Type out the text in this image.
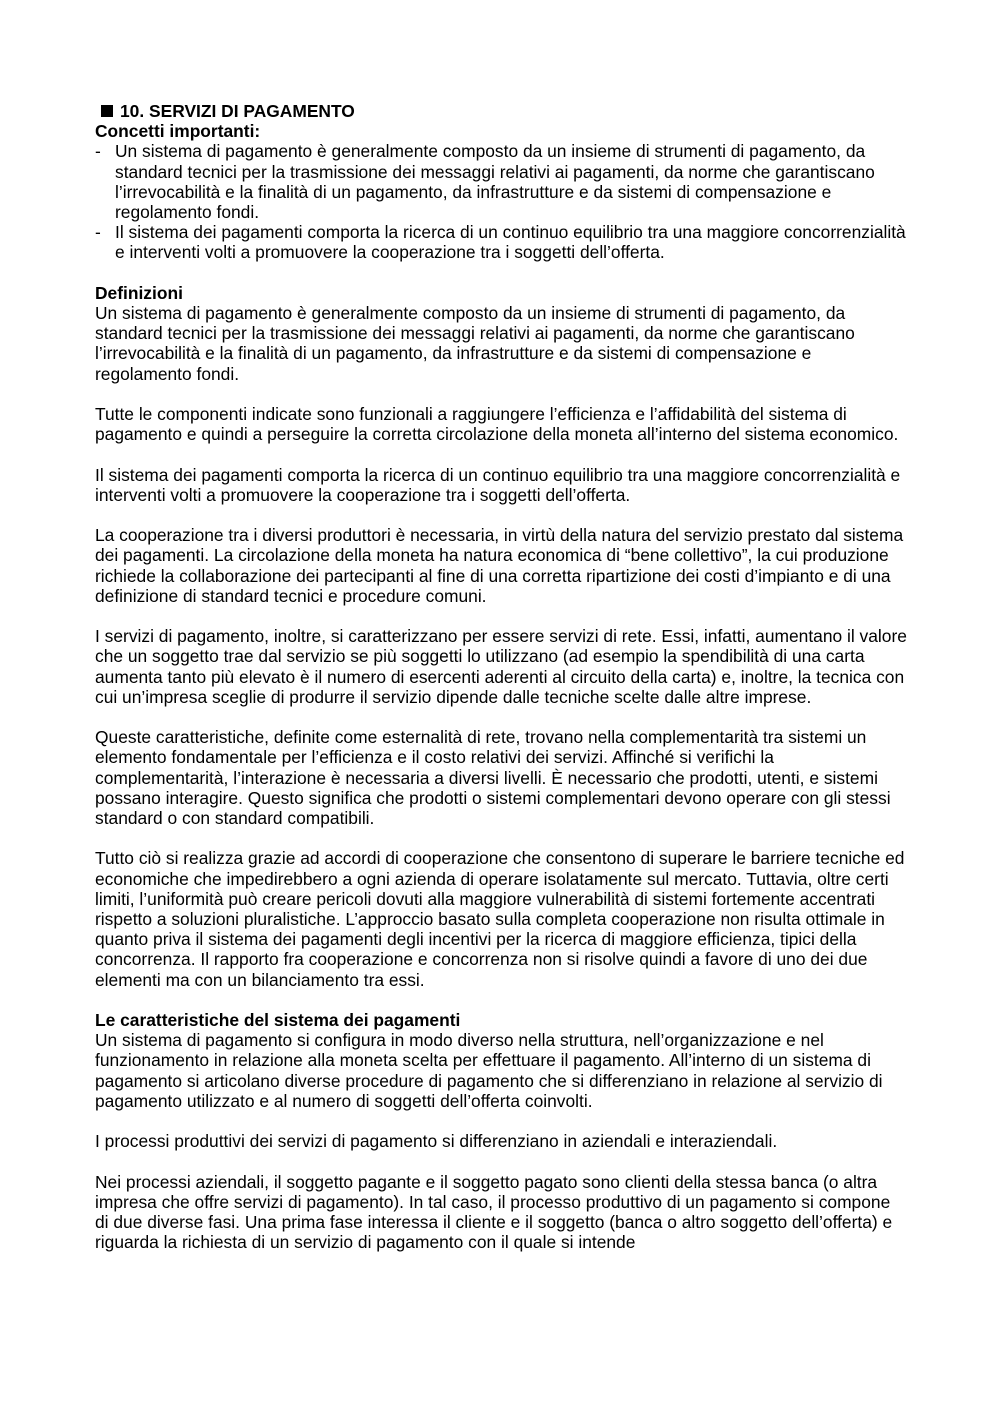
10. SERVIZI DI PAGAMENTO
Concetti importanti:
- Un sistema di pagamento è generalmente composto da un insieme di strumenti di pagamento, da standard tecnici per la trasmissione dei messaggi relativi ai pagamenti, da norme che garantiscano l’irrevocabilità e la finalità di un pagamento, da infrastrutture e da sistemi di compensazione e regolamento fondi.
- Il sistema dei pagamenti comporta la ricerca di un continuo equilibrio tra una maggiore concorrenzialità e interventi volti a promuovere la cooperazione tra i soggetti dell’offerta.
Definizioni

Un sistema di pagamento è generalmente composto da un insieme di strumenti di pagamento, da standard tecnici per la trasmissione dei messaggi relativi ai pagamenti, da norme che garantiscano l’irrevocabilità e la finalità di un pagamento, da infrastrutture e da sistemi di compensazione e regolamento fondi.

Tutte le componenti indicate sono funzionali a raggiungere l’efficienza e l’affidabilità del sistema di pagamento e quindi a perseguire la corretta circolazione della moneta all’interno del sistema economico.

Il sistema dei pagamenti comporta la ricerca di un continuo equilibrio tra una maggiore concorrenzialità e interventi volti a promuovere la cooperazione tra i soggetti dell’offerta.

La cooperazione tra i diversi produttori è necessaria, in virtù della natura del servizio prestato dal sistema dei pagamenti. La circolazione della moneta ha natura economica di “bene collettivo”, la cui produzione richiede la collaborazione dei partecipanti al fine di una corretta ripartizione dei costi d’impianto e di una definizione di standard tecnici e procedure comuni.

I servizi di pagamento, inoltre, si caratterizzano per essere servizi di rete. Essi, infatti, aumentano il valore che un soggetto trae dal servizio se più soggetti lo utilizzano (ad esempio la spendibilità di una carta aumenta tanto più elevato è il numero di esercenti aderenti al circuito della carta) e, inoltre, la tecnica con cui un’impresa sceglie di produrre il servizio dipende dalle tecniche scelte dalle altre imprese.

Queste caratteristiche, definite come esternalità di rete, trovano nella complementarità tra sistemi un elemento fondamentale per l’efficienza e il costo relativi dei servizi. Affinché si verifichi la complementarità, l’interazione è necessaria a diversi livelli. È necessario che prodotti, utenti, e sistemi possano interagire. Questo significa che prodotti o sistemi complementari devono operare con gli stessi standard o con standard compatibili.

Tutto ciò si realizza grazie ad accordi di cooperazione che consentono di superare le barriere tecniche ed economiche che impedirebbero a ogni azienda di operare isolatamente sul mercato. Tuttavia, oltre certi limiti, l’uniformità può creare pericoli dovuti alla maggiore vulnerabilità di sistemi fortemente accentrati rispetto a soluzioni pluralistiche. L’approccio basato sulla completa cooperazione non risulta ottimale in quanto priva il sistema dei pagamenti degli incentivi per la ricerca di maggiore efficienza, tipici della concorrenza. Il rapporto fra cooperazione e concorrenza non si risolve quindi a favore di uno dei due elementi ma con un bilanciamento tra essi.

Le caratteristiche del sistema dei pagamenti

Un sistema di pagamento si configura in modo diverso nella struttura, nell’organizzazione e nel funzionamento in relazione alla moneta scelta per effettuare il pagamento. All’interno di un sistema di pagamento si articolano diverse procedure di pagamento che si differenziano in relazione al servizio di pagamento utilizzato e al numero di soggetti dell’offerta coinvolti.

I processi produttivi dei servizi di pagamento si differenziano in aziendali e interaziendali.

Nei processi aziendali, il soggetto pagante e il soggetto pagato sono clienti della stessa banca (o altra impresa che offre servizi di pagamento). In tal caso, il processo produttivo di un pagamento si compone di due diverse fasi. Una prima fase interessa il cliente e il soggetto (banca o altro soggetto dell’offerta) e riguarda la richiesta di un servizio di pagamento con il quale si intende
